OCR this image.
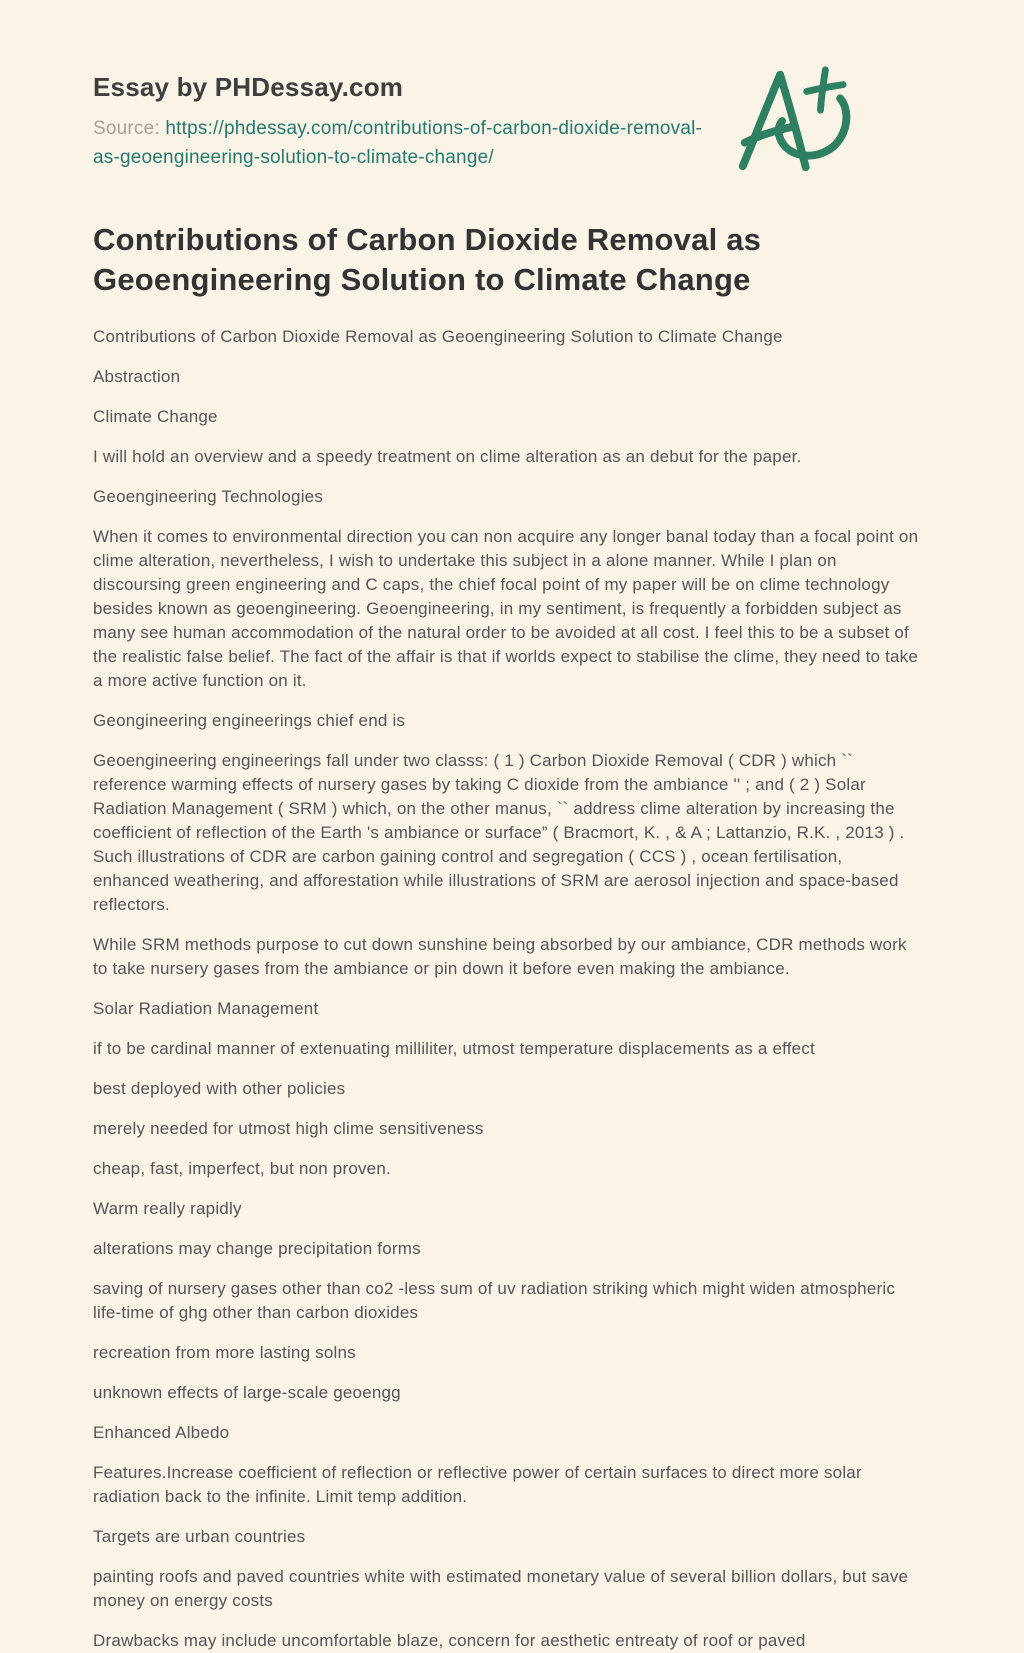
Essay by PHDessay.com
Source: https://phdessay.com/contributions-of-carbon-dioxide-removal-as-geoengineering-solution-to-climate-change/
Contributions of Carbon Dioxide Removal as Geoengineering Solution to Climate Change

Contributions of Carbon Dioxide Removal as Geoengineering Solution to Climate Change

Abstraction

Climate Change

I will hold an overview and a speedy treatment on clime alteration as an debut for the paper.

Geoengineering Technologies

When it comes to environmental direction you can non acquire any longer banal today than a focal point on clime alteration, nevertheless, I wish to undertake this subject in a alone manner. While I plan on discoursing green engineering and C caps, the chief focal point of my paper will be on clime technology besides known as geoengineering. Geoengineering, in my sentiment, is frequently a forbidden subject as many see human accommodation of the natural order to be avoided at all cost. I feel this to be a subset of the realistic false belief. The fact of the affair is that if worlds expect to stabilise the clime, they need to take a more active function on it.

Geongineering engineerings chief end is

Geoengineering engineerings fall under two classs: ( 1 ) Carbon Dioxide Removal ( CDR ) which `` reference warming effects of nursery gases by taking C dioxide from the ambiance '' ; and ( 2 ) Solar Radiation Management ( SRM ) which, on the other manus, `` address clime alteration by increasing the coefficient of reflection of the Earth 's ambiance or surface” ( Bracmort, K. , & A ; Lattanzio, R.K. , 2013 ) . Such illustrations of CDR are carbon gaining control and segregation ( CCS ) , ocean fertilisation, enhanced weathering, and afforestation while illustrations of SRM are aerosol injection and space-based reflectors.

While SRM methods purpose to cut down sunshine being absorbed by our ambiance, CDR methods work to take nursery gases from the ambiance or pin down it before even making the ambiance.

Solar Radiation Management

if to be cardinal manner of extenuating milliliter, utmost temperature displacements as a effect

best deployed with other policies

merely needed for utmost high clime sensitiveness

cheap, fast, imperfect, but non proven.

Warm really rapidly

alterations may change precipitation forms

saving of nursery gases other than co2 -less sum of uv radiation striking which might widen atmospheric life-time of ghg other than carbon dioxides

recreation from more lasting solns

unknown effects of large-scale geoengg

Enhanced Albedo

Features.Increase coefficient of reflection or reflective power of certain surfaces to direct more solar radiation back to the infinite. Limit temp addition.

Targets are urban countries

painting roofs and paved countries white with estimated monetary value of several billion dollars, but save money on energy costs

Drawbacks may include uncomfortable blaze, concern for aesthetic entreaty of roof or paved
